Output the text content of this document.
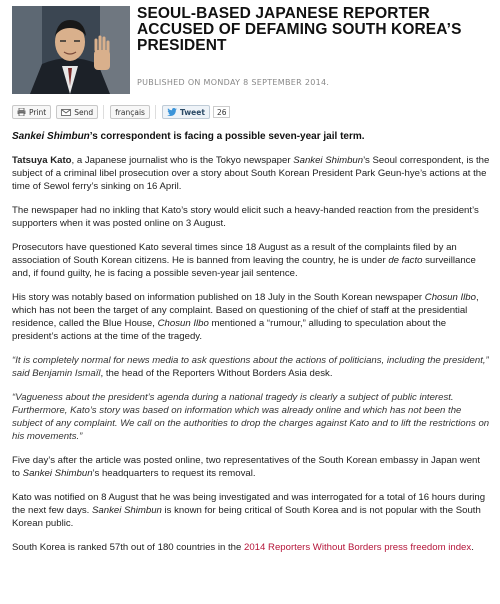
SEOUL-BASED JAPANESE REPORTER ACCUSED OF DEFAMING SOUTH KOREA’S PRESIDENT
PUBLISHED ON MONDAY 8 SEPTEMBER 2014.
Print	Send	français	Tweet	26

Sankei Shimbun’s correspondent is facing a possible seven-year jail term.

Tatsuya Kato, a Japanese journalist who is the Tokyo newspaper Sankei Shimbun’s Seoul correspondent, is the subject of a criminal libel prosecution over a story about South Korean President Park Geun-hye’s actions at the time of Sewol ferry’s sinking on 16 April.

The newspaper had no inkling that Kato’s story would elicit such a heavy-handed reaction from the president’s supporters when it was posted online on 3 August.

Prosecutors have questioned Kato several times since 18 August as a result of the complaints filed by an association of South Korean citizens. He is banned from leaving the country, he is under de facto surveillance and, if found guilty, he is facing a possible seven-year jail sentence.

His story was notably based on information published on 18 July in the South Korean newspaper Chosun Ilbo, which has not been the target of any complaint. Based on questioning of the chief of staff at the presidential residence, called the Blue House, Chosun Ilbo mentioned a “rumour,” alluding to speculation about the president’s actions at the time of the tragedy.

“It is completely normal for news media to ask questions about the actions of politicians, including the president,” said Benjamin Ismaïl, the head of the Reporters Without Borders Asia desk.

“Vagueness about the president’s agenda during a national tragedy is clearly a subject of public interest. Furthermore, Kato’s story was based on information which was already online and which has not been the subject of any complaint. We call on the authorities to drop the charges against Kato and to lift the restrictions on his movements.”

Five day’s after the article was posted online, two representatives of the South Korean embassy in Japan went to Sankei Shimbun’s headquarters to request its removal.

Kato was notified on 8 August that he was being investigated and was interrogated for a total of 16 hours during the next few days. Sankei Shimbun is known for being critical of South Korea and is not popular with the South Korean public.

South Korea is ranked 57th out of 180 countries in the 2014 Reporters Without Borders press freedom index.
